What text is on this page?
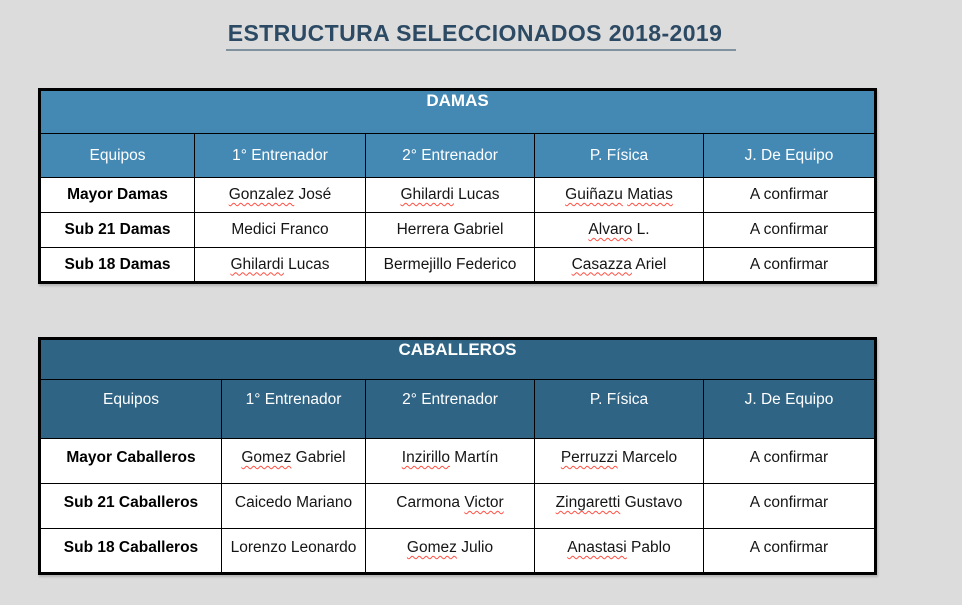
ESTRUCTURA SELECCIONADOS 2018-2019
DAMAS				
Equipos	1° Entrenador	2° Entrenador	P. Física	J. De Equipo
Mayor Damas	Gonzalez José	Ghilardi Lucas	Guiñazu Matias	A confirmar
Sub 21 Damas	Medici Franco	Herrera Gabriel	Alvaro L.	A confirmar
Sub 18 Damas	Ghilardi Lucas	Bermejillo Federico	Casazza Ariel	A confirmar
CABALLEROS				
Equipos	1° Entrenador	2° Entrenador	P. Física	J. De Equipo
Mayor Caballeros	Gomez Gabriel	Inzirillo Martín	Perruzzi Marcelo	A confirmar
Sub 21 Caballeros	Caicedo Mariano	Carmona Victor	Zingaretti Gustavo	A confirmar
Sub 18 Caballeros	Lorenzo Leonardo	Gomez Julio	Anastasi Pablo	A confirmar
